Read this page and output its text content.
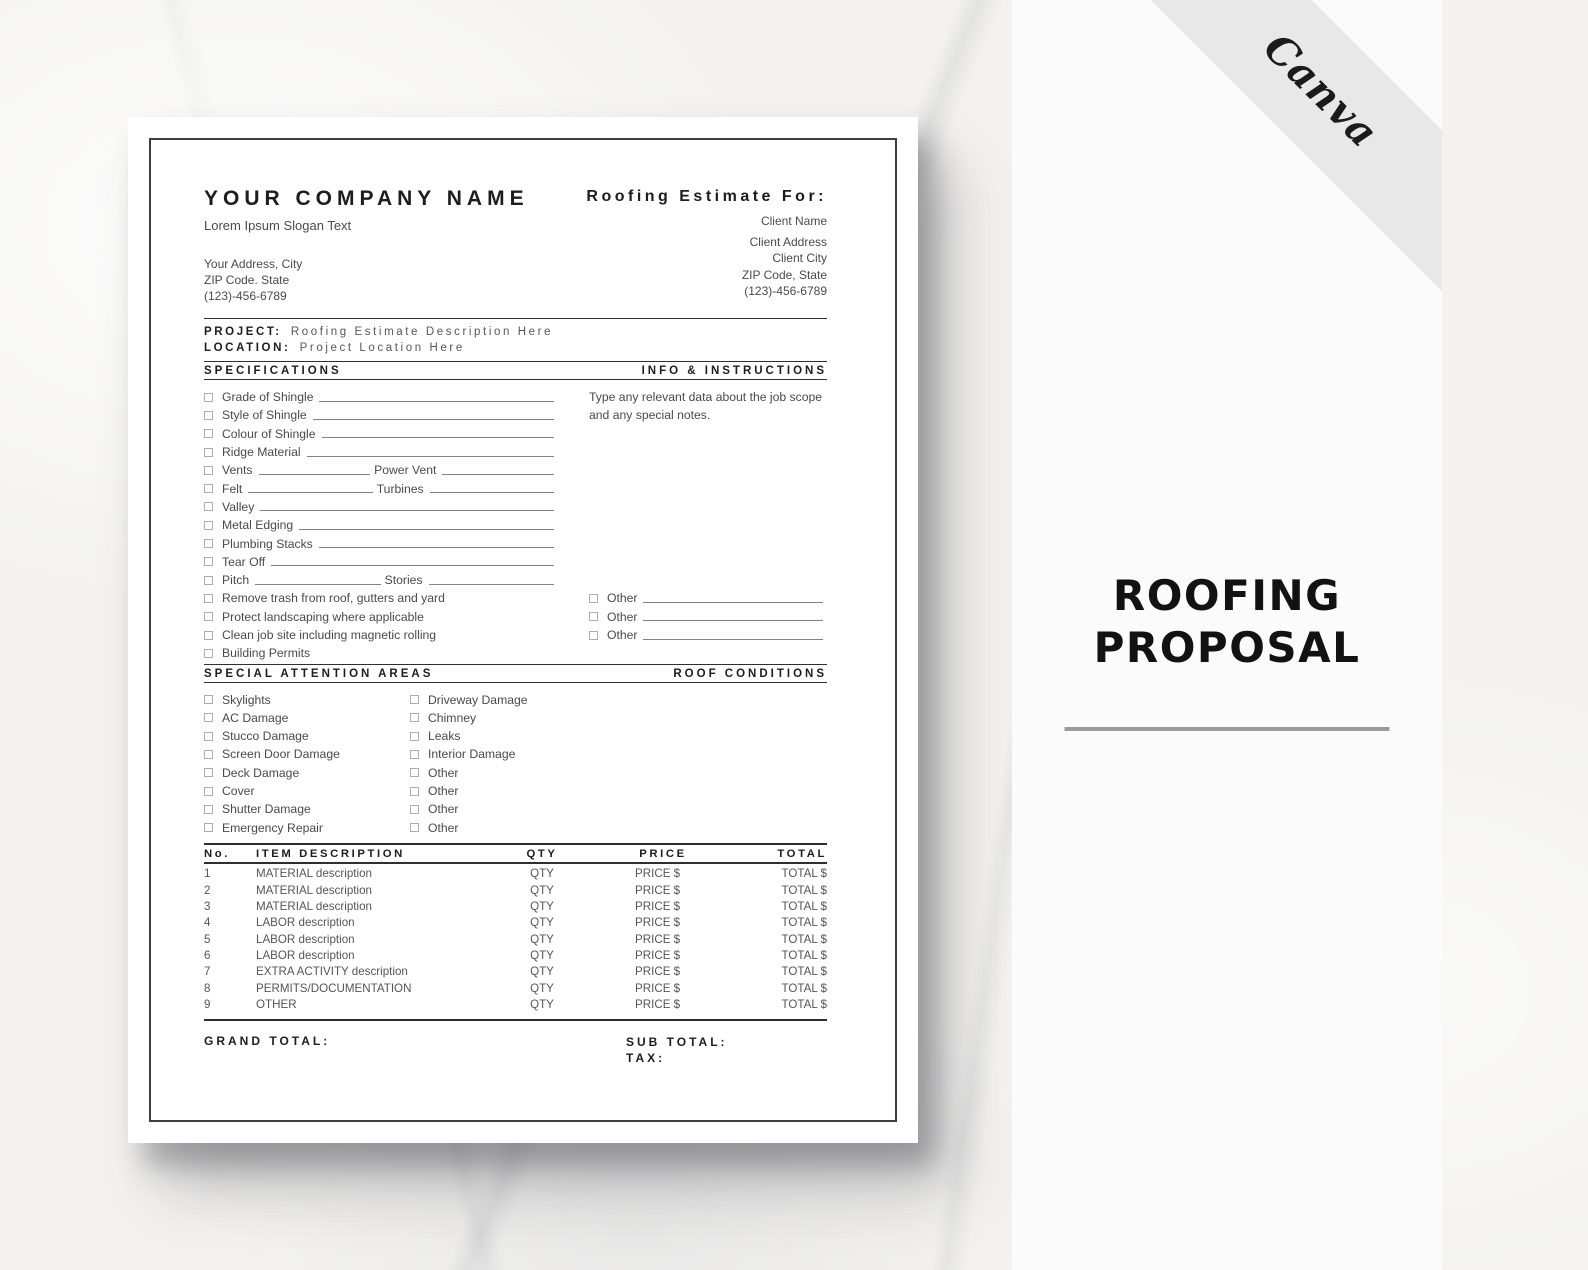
YOUR COMPANY NAME
Lorem Ipsum Slogan Text
Your Address, City
ZIP Code. State
(123)-456-6789
Roofing Estimate For:
Client Name
Client Address
Client City
ZIP Code, State
(123)-456-6789
PROJECT: Roofing Estimate Description Here
LOCATION: Project Location Here
SPECIFICATIONS	INFO & INSTRUCTIONS
Grade of Shingle
Style of Shingle
Colour of Shingle
Ridge Material
Vents	Power Vent
Felt	Turbines
Valley
Metal Edging
Plumbing Stacks
Tear Off
Pitch	Stories
Remove trash from roof, gutters and yard
Protect landscaping where applicable
Clean job site including magnetic rolling
Building Permits
Type any relevant data about the job scope
and any special notes.
Other
Other
Other
SPECIAL ATTENTION AREAS	ROOF CONDITIONS
Skylights
AC Damage
Stucco Damage
Screen Door Damage
Deck Damage
Cover
Shutter Damage
Emergency Repair
Driveway Damage
Chimney
Leaks
Interior Damage
Other
Other
Other
Other
No.	ITEM DESCRIPTION	QTY	PRICE	TOTAL
1	MATERIAL description	QTY	PRICE $	TOTAL $
2	MATERIAL description	QTY	PRICE $	TOTAL $
3	MATERIAL description	QTY	PRICE $	TOTAL $
4	LABOR description	QTY	PRICE $	TOTAL $
5	LABOR description	QTY	PRICE $	TOTAL $
6	LABOR description	QTY	PRICE $	TOTAL $
7	EXTRA ACTIVITY description	QTY	PRICE $	TOTAL $
8	PERMITS/DOCUMENTATION	QTY	PRICE $	TOTAL $
9	OTHER	QTY	PRICE $	TOTAL $
GRAND TOTAL:	SUB TOTAL:
TAX:
Canva
ROOFING
PROPOSAL
